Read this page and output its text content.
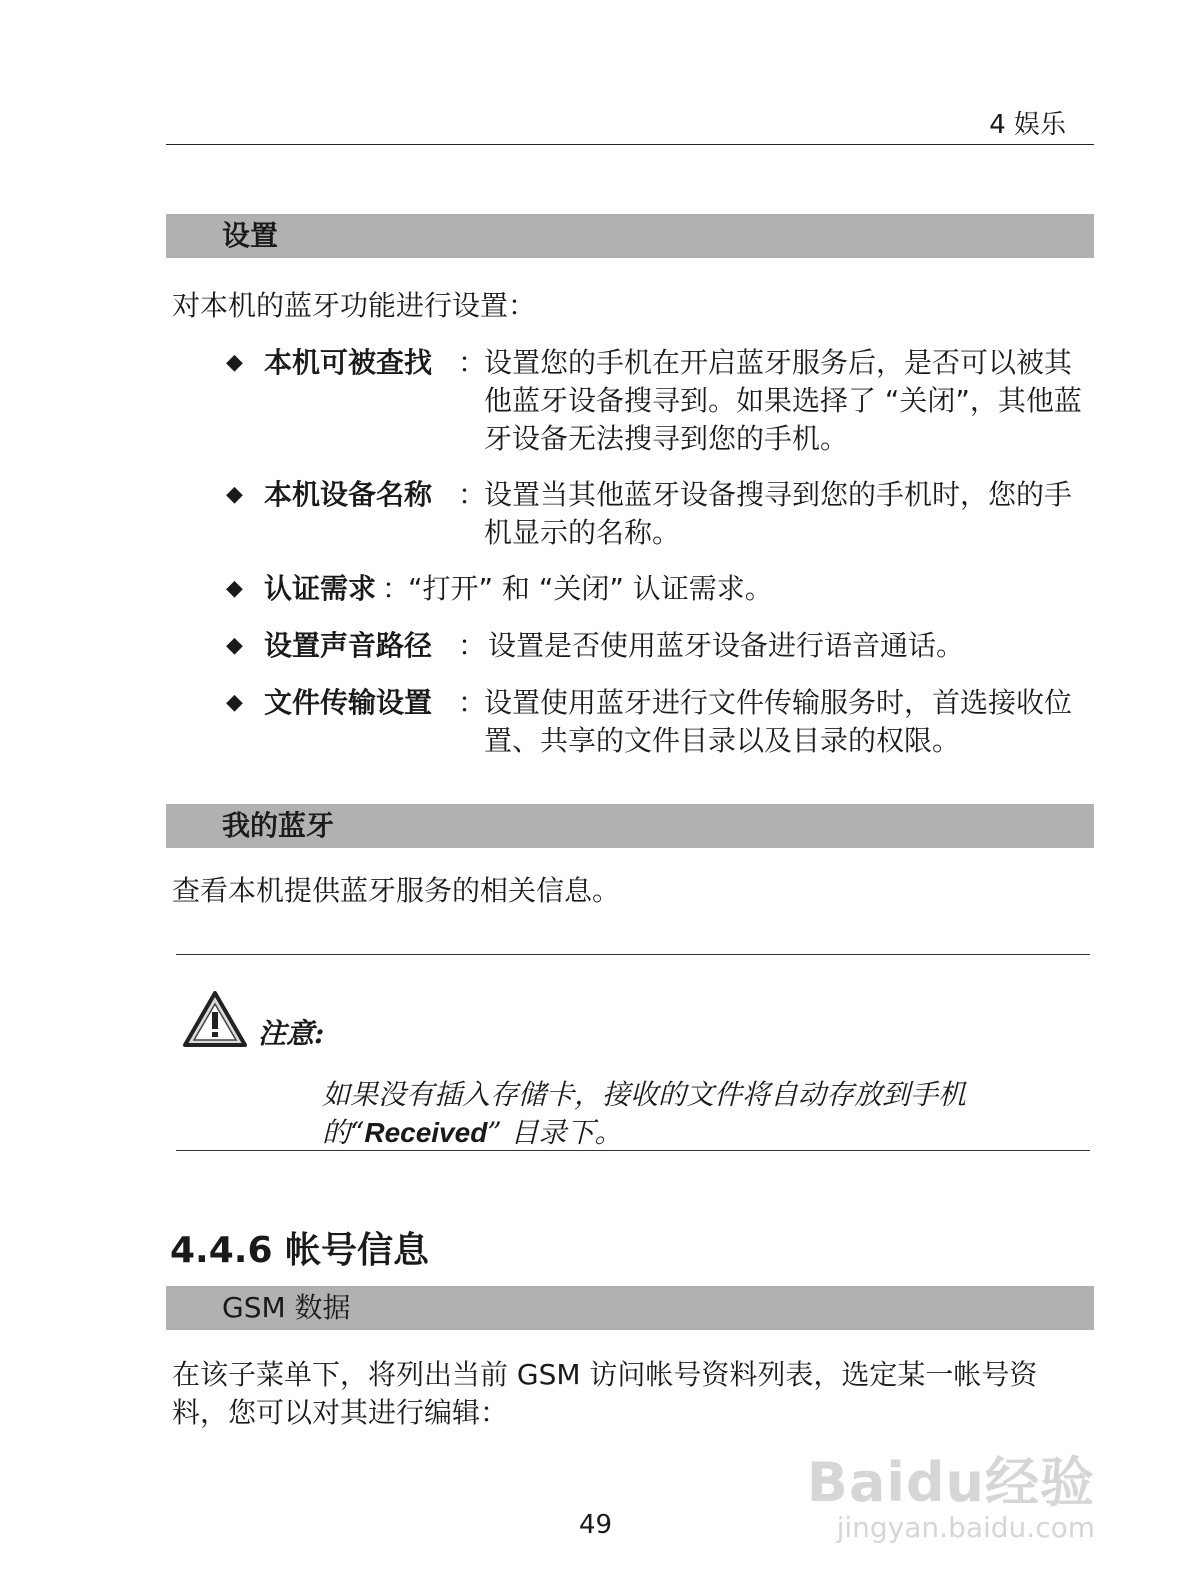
4 娱乐
设置
对本机的蓝牙功能进行设置：
◆ 本机可被查找 ：
设置您的手机在开启蓝牙服务后，是否可以被其他蓝牙设备搜寻到。如果选择了 “关闭”，其他蓝牙设备无法搜寻到您的手机。
◆ 本机设备名称 ：
设置当其他蓝牙设备搜寻到您的手机时，您的手机显示的名称。
◆ 认证需求 ：
“打开” 和 “关闭” 认证需求。
◆ 设置声音路径 ： 设置是否使用蓝牙设备进行语音通话。
◆ 文件传输设置 ：
设置使用蓝牙进行文件传输服务时，首选接收位置、共享的文件目录以及目录的权限。
我的蓝牙
查看本机提供蓝牙服务的相关信息。
注意:
如果没有插入存储卡，接收的文件将自动存放到手机的“Received” 目录下。
4.4.6 帐号信息
GSM 数据
在该子菜单下，将列出当前 GSM 访问帐号资料列表，选定某一帐号资料，您可以对其进行编辑：
49
Baidu经验
jingyan.baidu.com
